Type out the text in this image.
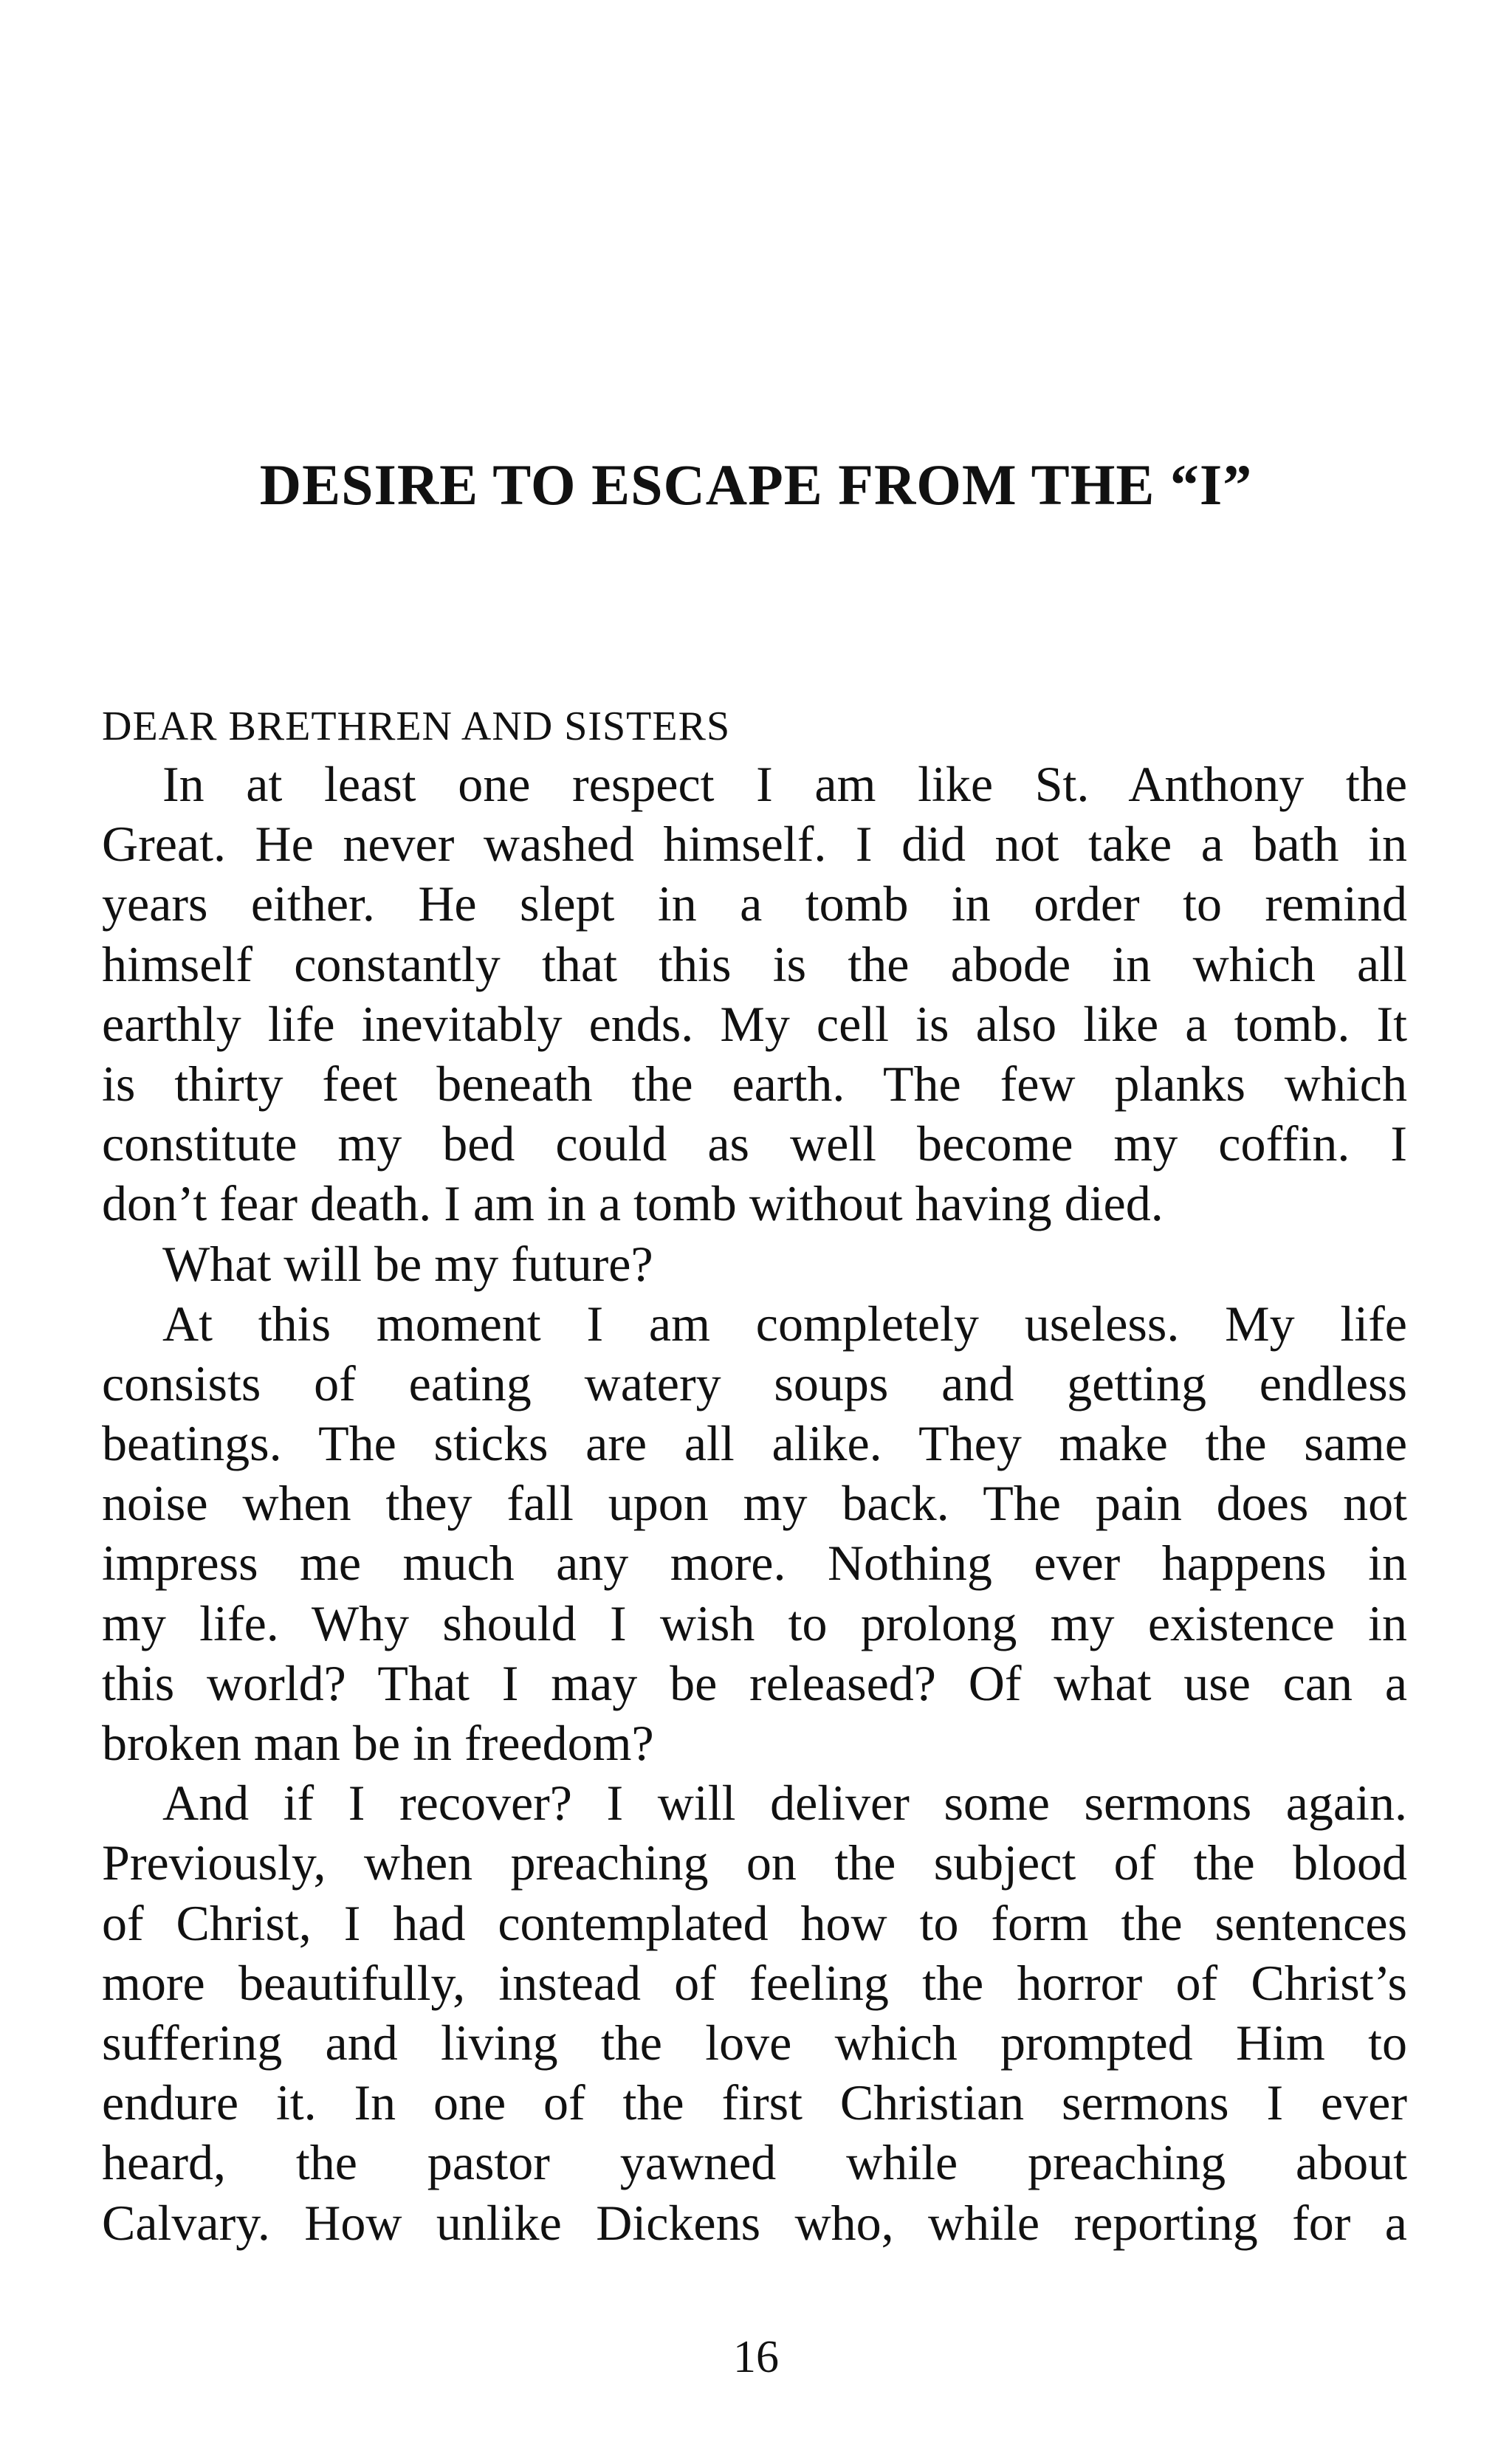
DESIRE TO ESCAPE FROM THE “I”

DEAR BRETHREN AND SISTERS

In at least one respect I am like St. Anthony the
Great. He never washed himself. I did not take a bath in
years either. He slept in a tomb in order to remind
himself constantly that this is the abode in which all
earthly life inevitably ends. My cell is also like a tomb. It
is thirty feet beneath the earth. The few planks which
constitute my bed could as well become my coffin. I
don’t fear death. I am in a tomb without having died.
What will be my future?
At this moment I am completely useless. My life
consists of eating watery soups and getting endless
beatings. The sticks are all alike. They make the same
noise when they fall upon my back. The pain does not
impress me much any more. Nothing ever happens in
my life. Why should I wish to prolong my existence in
this world? That I may be released? Of what use can a
broken man be in freedom?
And if I recover? I will deliver some sermons again.
Previously, when preaching on the subject of the blood
of Christ, I had contemplated how to form the sentences
more beautifully, instead of feeling the horror of Christ’s
suffering and living the love which prompted Him to
endure it. In one of the first Christian sermons I ever
heard, the pastor yawned while preaching about
Calvary. How unlike Dickens who, while reporting for a

16
